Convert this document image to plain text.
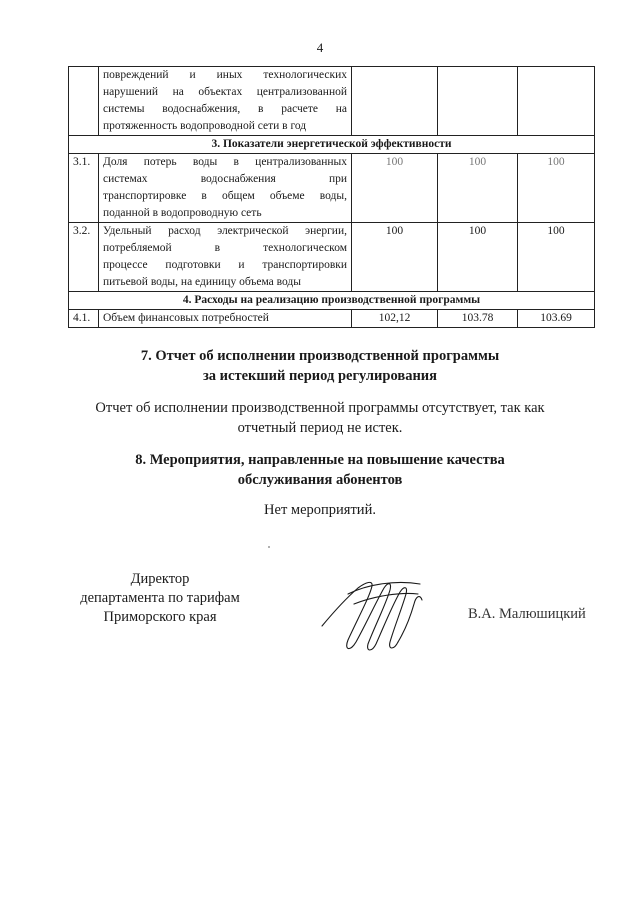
4

	повреждений и иных технологических
нарушений на объектах централизованной
системы водоснабжения, в расчете на
протяженность водопроводной сети в год			

3. Показатели энергетической эффективности				
3.1.	Доля потерь воды в централизованных
системах водоснабжения при
транспортировке в общем объеме воды,
поданной в водопроводную сеть	100	100	100
3.2.	Удельный расход электрической энергии,
потребляемой в технологическом
процессе подготовки и транспортировки
питьевой воды, на единицу объема воды	100	100	100
4. Расходы на реализацию производственной программы				
4.1.	Объем финансовых потребностей	102,12	103.78	103.69
7. Отчет об исполнении производственной программы
за истекший период регулирования
Отчет об исполнении производственной программы отсутствует, так как
отчетный период не истек.
8. Мероприятия, направленные на повышение качества
обслуживания абонентов
Нет мероприятий.
Директор
департамента по тарифам
Приморского края	В.А. Малюшицкий
